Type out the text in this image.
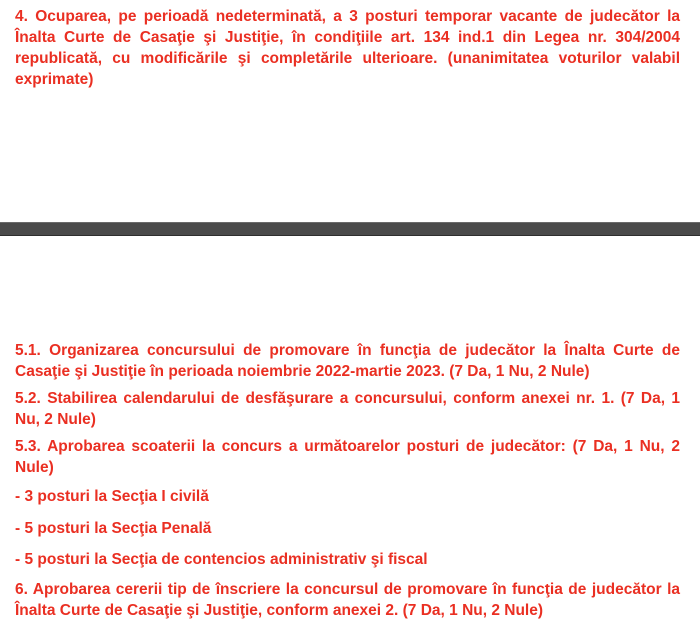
4. Ocuparea, pe perioadă nedeterminată, a 3 posturi temporar vacante de judecător la Înalta Curte de Casaţie şi Justiţie, în condiţiile art. 134 ind.1 din Legea nr. 304/2004 republicată, cu modificările şi completările ulterioare. (unanimitatea voturilor valabil exprimate)

5.1. Organizarea concursului de promovare în funcţia de judecător la Înalta Curte de Casaţie şi Justiţie în perioada noiembrie 2022-martie 2023. (7 Da, 1 Nu, 2 Nule)

5.2. Stabilirea calendarului de desfăşurare a concursului, conform anexei nr. 1. (7 Da, 1 Nu, 2 Nule)

5.3. Aprobarea scoaterii la concurs a următoarelor posturi de judecător: (7 Da, 1 Nu, 2 Nule)

- 3 posturi la Secţia I civilă

- 5 posturi la Secţia Penală

- 5 posturi la Secţia de contencios administrativ şi fiscal

6. Aprobarea cererii tip de înscriere la concursul de promovare în funcţia de judecător la Înalta Curte de Casaţie şi Justiţie, conform anexei 2. (7 Da, 1 Nu, 2 Nule)
